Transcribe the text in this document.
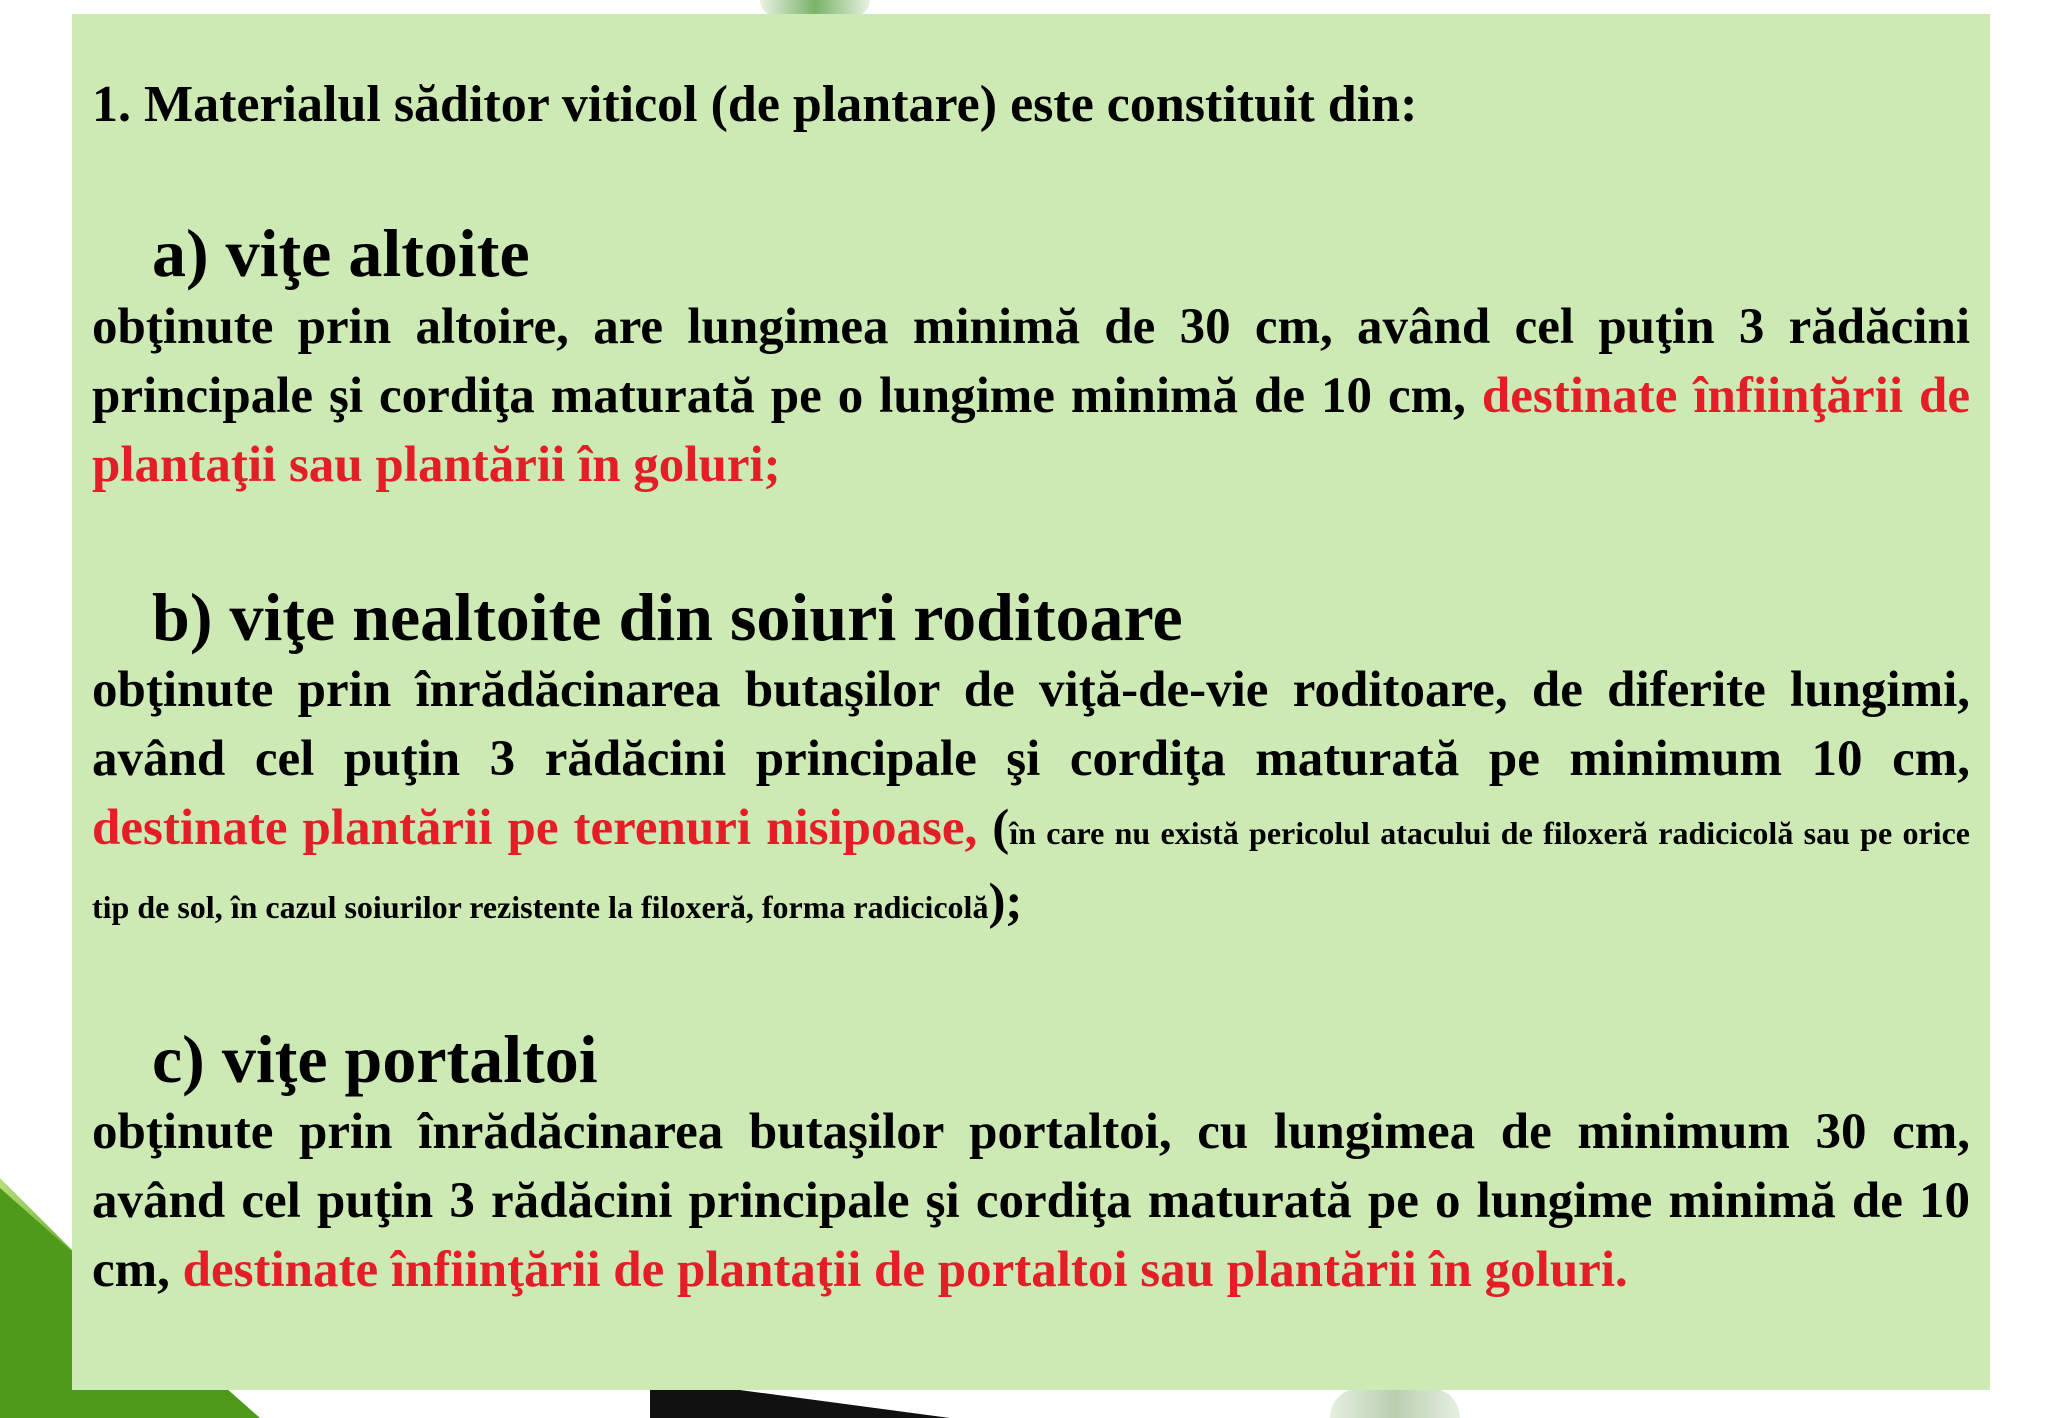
1. Materialul săditor viticol (de plantare) este constituit din:

a) viţe altoite

obţinute prin altoire, are lungimea minimă de 30 cm, având cel puţin 3 rădăcini principale şi cordiţa maturată pe o lungime minimă de 10 cm, destinate înfiinţării de plantaţii sau plantării în goluri;

b) viţe nealtoite din soiuri roditoare

obţinute prin înrădăcinarea butaşilor de viţă-de-vie roditoare, de diferite lungimi, având cel puţin 3 rădăcini principale şi cordiţa maturată pe minimum 10 cm, destinate plantării pe terenuri nisipoase, (în care nu există pericolul atacului de filoxeră radicicolă sau pe orice tip de sol, în cazul soiurilor rezistente la filoxeră, forma radicicolă);

c) viţe portaltoi

obţinute prin înrădăcinarea butaşilor portaltoi, cu lungimea de minimum 30 cm, având cel puţin 3 rădăcini principale şi cordiţa maturată pe o lungime minimă de 10 cm, destinate înfiinţării de plantaţii de portaltoi sau plantării în goluri.
